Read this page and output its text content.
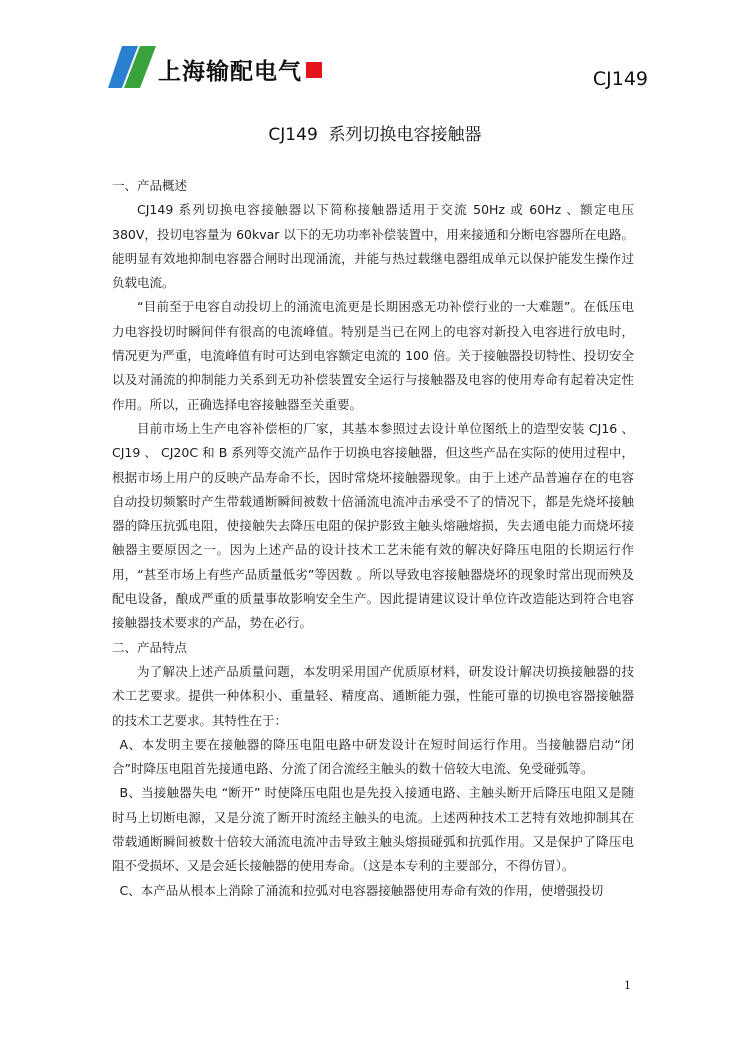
上海输配电气	CJ149
CJ149  系列切换电容接触器

一、产品概述

CJ149 系列切换电容接触器以下简称接触器适用于交流 50Hz 或 60Hz 、额定电压 380V，投切电容量为 60kvar 以下的无功功率补偿装置中，用来接通和分断电容器所在电路。能明显有效地抑制电容器合闸时出现涌流，并能与热过载继电器组成单元以保护能发生操作过负载电流。

“目前至于电容自动投切上的涌流电流更是长期困惑无功补偿行业的一大难题”。在低压电力电容投切时瞬间伴有很高的电流峰值。特别是当已在网上的电容对新投入电容进行放电时，情况更为严重，电流峰值有时可达到电容额定电流的 100 倍。关于接触器投切特性、投切安全以及对涌流的抑制能力关系到无功补偿装置安全运行与接触器及电容的使用寿命有起着决定性作用。所以，正确选择电容接触器至关重要。

目前市场上生产电容补偿柜的厂家，其基本参照过去设计单位图纸上的造型安装 CJ16 、 CJ19 、 CJ20C 和 B 系列等交流产品作于切换电容接触器，但这些产品在实际的使用过程中，根据市场上用户的反映产品寿命不长，因时常烧坏接触器现象。由于上述产品普遍存在的电容自动投切频繁时产生带载通断瞬间被数十倍涌流电流冲击承受不了的情况下，都是先烧坏接触器的降压抗弧电阻，使接触失去降压电阻的保护影致主触头熔融熔损，失去通电能力而烧坏接触器主要原因之一。因为上述产品的设计技术工艺未能有效的解决好降压电阻的长期运行作用，“甚至市场上有些产品质量低劣”等因数 。所以导致电容接触器烧坏的现象时常出现而殃及配电设备，酿成严重的质量事故影响安全生产。因此提请建议设计单位许改造能达到符合电容接触器技术要求的产品，势在必行。

二、产品特点

为了解决上述产品质量问题，本发明采用国产优质原材料，研发设计解决切换接触器的技术工艺要求。提供一种体积小、重量轻、精度高、通断能力强，性能可靠的切换电容器接触器的技术工艺要求。其特性在于：

A、本发明主要在接触器的降压电阻电路中研发设计在短时间运行作用。当接触器启动“闭合”时降压电阻首先接通电路、分流了闭合流经主触头的数十倍较大电流、免受碰弧等。

B、当接触器失电 “断开” 时使降压电阻也是先投入接通电路、主触头断开后降压电阻又是随时马上切断电源，又是分流了断开时流经主触头的电流。上述两种技术工艺特有效地抑制其在带载通断瞬间被数十倍较大涌流电流冲击导致主触头熔损碰弧和抗弧作用。又是保护了降压电阻不受损坏、又是会延长接触器的使用寿命。（这是本专利的主要部分，不得仿冒）。

C、本产品从根本上消除了涌流和拉弧对电容器接触器使用寿命有效的作用，使增强投切

1
